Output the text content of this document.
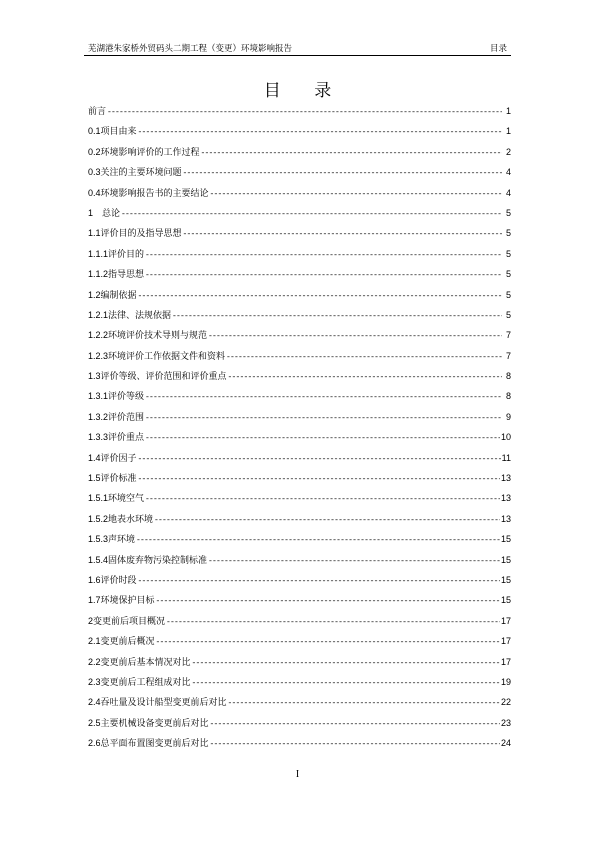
芜湖港朱家桥外贸码头二期工程（变更）环境影响报告	目录
目 录
前言 -----	1
0.1 项目由来 -----	1
0.2 环境影响评价的工作过程 -----	2
0.3 关注的主要环境问题 -----	4
0.4 环境影响报告书的主要结论 -----	4
1 　总论 -----	5
1.1 评价目的及指导思想 -----	5
1.1.1 评价目的 -----	5
1.1.2 指导思想 -----	5
1.2 编制依据 -----	5
1.2.1 法律、法规依据 -----	5
1.2.2 环境评价技术导则与规范 -----	7
1.2.3 环境评价工作依据文件和资料 -----	7
1.3 评价等级、评价范围和评价重点 -----	8
1.3.1 评价等级 -----	8
1.3.2 评价范围 -----	9
1.3.3 评价重点 -----	10
1.4 评价因子 -----	11
1.5 评价标准 -----	13
1.5.1 环境空气 -----	13
1.5.2 地表水环境 -----	13
1.5.3 声环境 -----	15
1.5.4 固体废弃物污染控制标准 -----	15
1.6 评价时段 -----	15
1.7 环境保护目标 -----	15
2 变更前后项目概况 -----	17
2.1 变更前后概况 -----	17
2.2 变更前后基本情况对比 -----	17
2.3 变更前后工程组成对比 -----	19
2.4 吞吐量及设计船型变更前后对比 -----	22
2.5 主要机械设备变更前后对比 -----	23
2.6 总平面布置图变更前后对比 -----	24
I
